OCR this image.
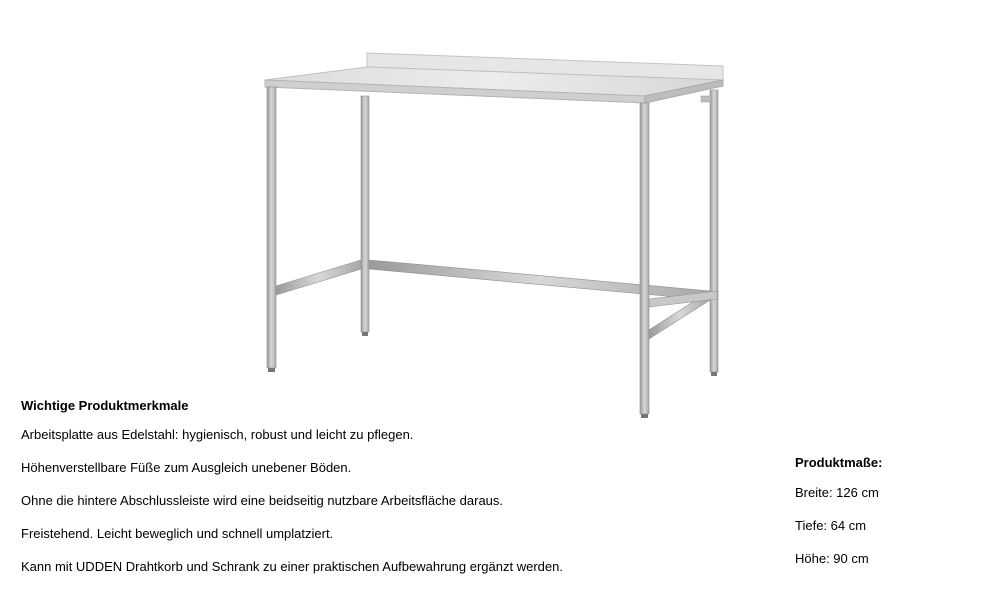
Wichtige Produktmerkmale
Arbeitsplatte aus Edelstahl: hygienisch, robust und leicht zu pflegen.
Höhenverstellbare Füße zum Ausgleich unebener Böden.
Ohne die hintere Abschlussleiste wird eine beidseitig nutzbare Arbeitsfläche daraus.
Freistehend. Leicht beweglich und schnell umplatziert.
Kann mit UDDEN Drahtkorb und Schrank zu einer praktischen Aufbewahrung ergänzt werden.
Produktmaße:
Breite: 126 cm
Tiefe: 64 cm
Höhe: 90 cm
